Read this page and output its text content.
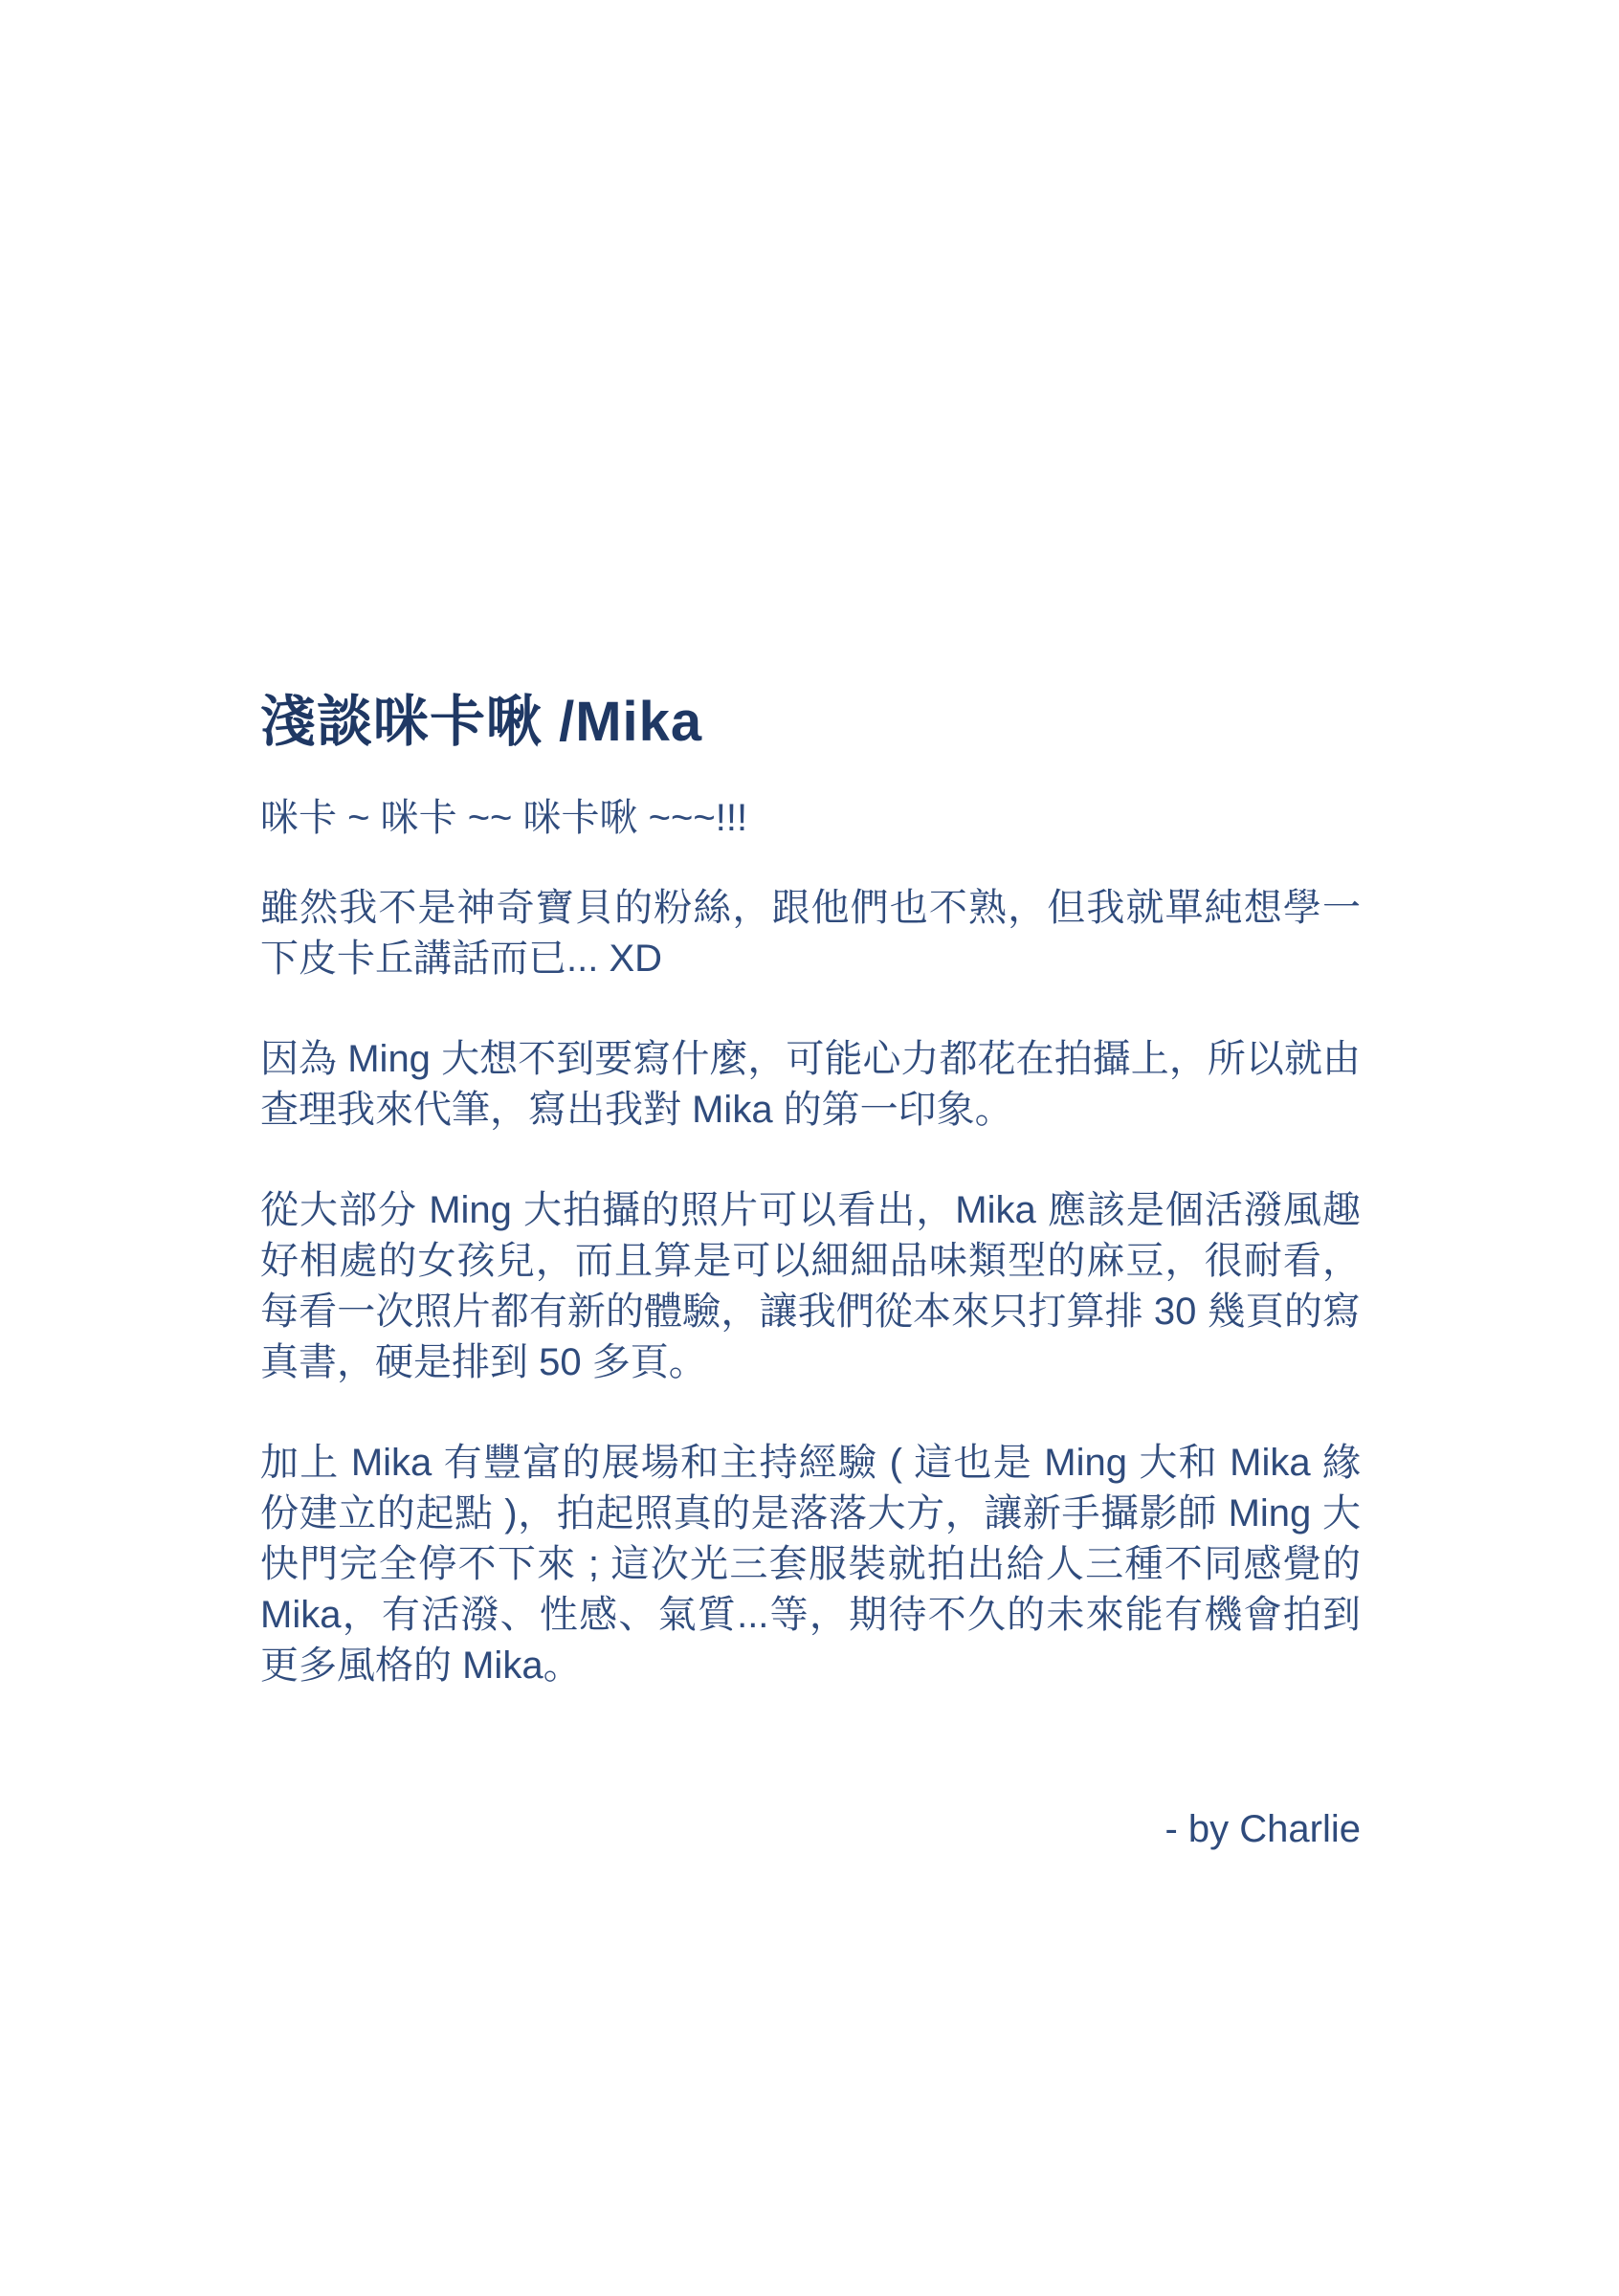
淺談咪卡啾 /Mika

咪卡 ~ 咪卡 ~~ 咪卡啾 ~~~!!!

雖然我不是神奇寶貝的粉絲，跟他們也不熟，但我就單純想學一下皮卡丘講話而已... XD

因為 Ming 大想不到要寫什麼，可能心力都花在拍攝上，所以就由查理我來代筆，寫出我對 Mika 的第一印象。

從大部分 Ming 大拍攝的照片可以看出，Mika 應該是個活潑風趣好相處的女孩兒，而且算是可以細細品味類型的麻豆，很耐看，每看一次照片都有新的體驗，讓我們從本來只打算排 30 幾頁的寫真書，硬是排到 50 多頁。

加上 Mika 有豐富的展場和主持經驗 ( 這也是 Ming 大和 Mika 緣份建立的起點 )，拍起照真的是落落大方，讓新手攝影師 Ming 大快門完全停不下來 ; 這次光三套服裝就拍出給人三種不同感覺的 Mika，有活潑、性感、氣質...等，期待不久的未來能有機會拍到更多風格的 Mika。

- by Charlie
